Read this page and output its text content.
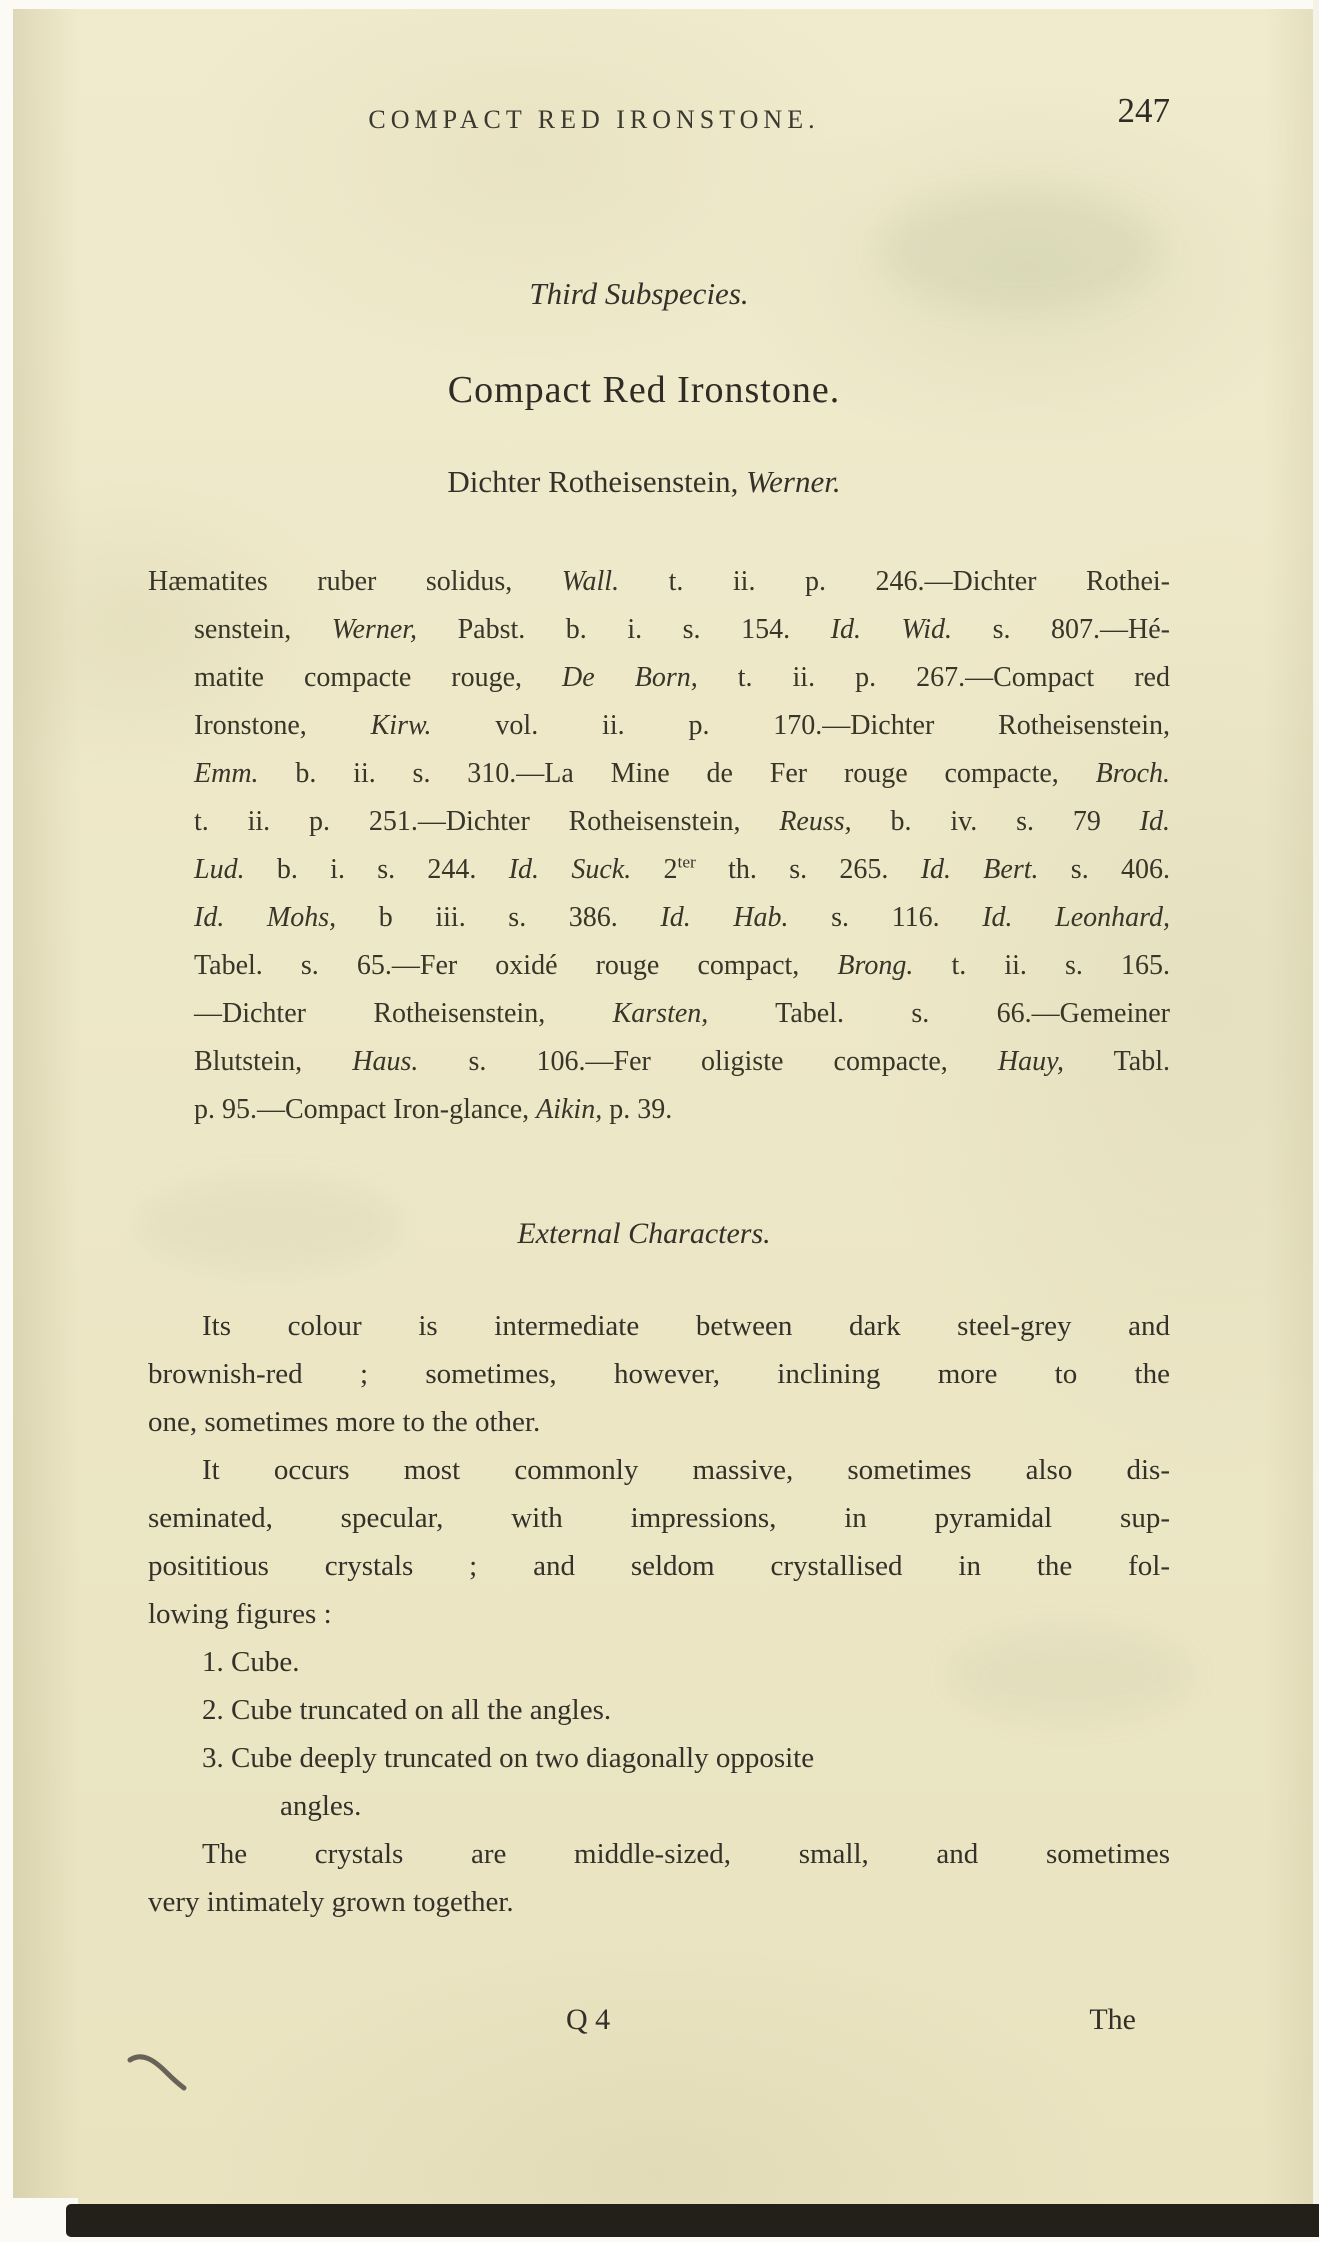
COMPACT RED IRONSTONE.	247
Third Subspecies.
Compact Red Ironstone.
Dichter Rotheisenstein, Werner.
Hæmatites ruber solidus, Wall. t. ii. p. 246.—Dichter Rothei-
senstein, Werner, Pabst. b. i. s. 154. Id. Wid. s. 807.—Hé-
matite compacte rouge, De Born, t. ii. p. 267.—Compact red
Ironstone, Kirw. vol. ii. p. 170.—Dichter Rotheisenstein,
Emm. b. ii. s. 310.—La Mine de Fer rouge compacte, Broch.
t. ii. p. 251.—Dichter Rotheisenstein, Reuss, b. iv. s. 79 Id.
Lud. b. i. s. 244. Id. Suck. $2^{ter}$ th. s. 265. Id. Bert. s. 406.
Id. Mohs, b iii. s. 386. Id. Hab. s. 116. Id. Leonhard,
Tabel. s. 65.—Fer oxidé rouge compact, Brong. t. ii. s. 165.
—Dichter Rotheisenstein, Karsten, Tabel. s. 66.—Gemeiner
Blutstein, Haus. s. 106.—Fer oligiste compacte, Hauy, Tabl.
p. 95.—Compact Iron-glance, Aikin, p. 39.
External Characters.
Its colour is intermediate between dark steel-grey and
brownish-red ; sometimes, however, inclining more to the
one, sometimes more to the other.
It occurs most commonly massive, sometimes also dis-
seminated, specular, with impressions, in pyramidal sup-
posititious crystals ; and seldom crystallised in the fol-
lowing figures :
1. Cube.
2. Cube truncated on all the angles.
3. Cube deeply truncated on two diagonally opposite
angles.
The crystals are middle-sized, small, and sometimes
very intimately grown together.
Q 4	The
